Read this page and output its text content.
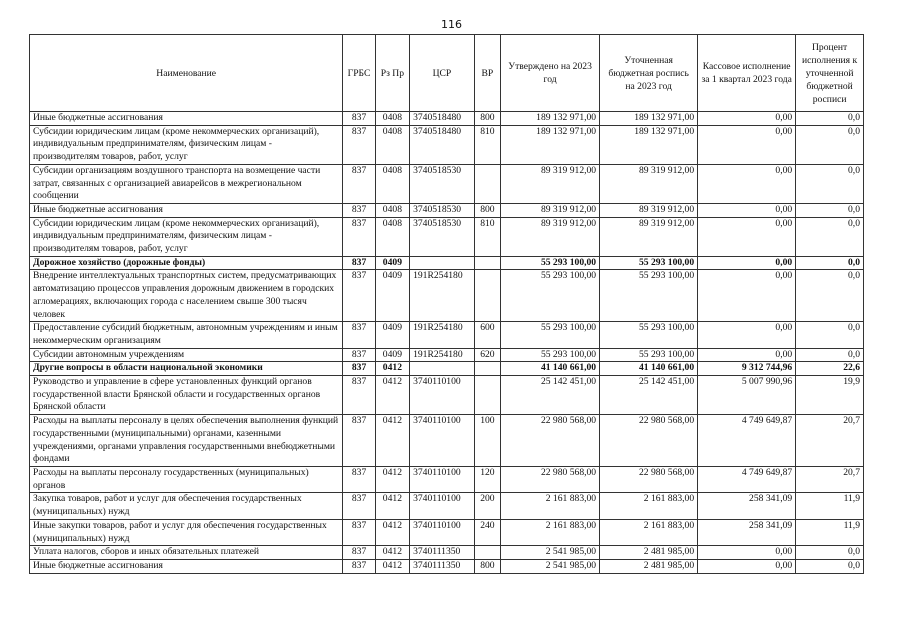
116
Наименование	ГРБС	Рз Пр	ЦСР	ВР	Утверждено на 2023 год	Уточненная бюджетная роспись на 2023 год	Кассовое исполнение за 1 квартал 2023 года	Процент исполнения к уточненной бюджетной росписи
Иные бюджетные ассигнования	837	0408	3740518480	800	189 132 971,00	189 132 971,00	0,00	0,0
Субсидии юридическим лицам (кроме некоммерческих организаций), индивидуальным предпринимателям, физическим лицам - производителям товаров, работ, услуг	837	0408	3740518480	810	189 132 971,00	189 132 971,00	0,00	0,0
Субсидии организациям воздушного транспорта на возмещение части затрат, связанных с организацией авиарейсов в межрегиональном сообщении	837	0408	3740518530		89 319 912,00	89 319 912,00	0,00	0,0
Иные бюджетные ассигнования	837	0408	3740518530	800	89 319 912,00	89 319 912,00	0,00	0,0
Субсидии юридическим лицам (кроме некоммерческих организаций), индивидуальным предпринимателям, физическим лицам - производителям товаров, работ, услуг	837	0408	3740518530	810	89 319 912,00	89 319 912,00	0,00	0,0
Дорожное хозяйство (дорожные фонды)	837	0409			55 293 100,00	55 293 100,00	0,00	0,0
Внедрение интеллектуальных транспортных систем, предусматривающих автоматизацию процессов управления дорожным движением в городских агломерациях, включающих города с населением свыше 300 тысяч человек	837	0409	191R254180		55 293 100,00	55 293 100,00	0,00	0,0
Предоставление субсидий бюджетным, автономным учреждениям и иным некоммерческим организациям	837	0409	191R254180	600	55 293 100,00	55 293 100,00	0,00	0,0
Субсидии автономным учреждениям	837	0409	191R254180	620	55 293 100,00	55 293 100,00	0,00	0,0
Другие вопросы в области национальной экономики	837	0412			41 140 661,00	41 140 661,00	9 312 744,96	22,6
Руководство и управление в сфере установленных функций органов государственной власти Брянской области и государственных органов Брянской области	837	0412	3740110100		25 142 451,00	25 142 451,00	5 007 990,96	19,9
Расходы на выплаты персоналу в целях обеспечения выполнения функций государственными (муниципальными) органами, казенными учреждениями, органами управления государственными внебюджетными фондами	837	0412	3740110100	100	22 980 568,00	22 980 568,00	4 749 649,87	20,7
Расходы на выплаты персоналу государственных (муниципальных) органов	837	0412	3740110100	120	22 980 568,00	22 980 568,00	4 749 649,87	20,7
Закупка товаров, работ и услуг для обеспечения государственных (муниципальных) нужд	837	0412	3740110100	200	2 161 883,00	2 161 883,00	258 341,09	11,9
Иные закупки товаров, работ и услуг для обеспечения государственных (муниципальных) нужд	837	0412	3740110100	240	2 161 883,00	2 161 883,00	258 341,09	11,9
Уплата налогов, сборов и иных обязательных платежей	837	0412	3740111350		2 541 985,00	2 481 985,00	0,00	0,0
Иные бюджетные ассигнования	837	0412	3740111350	800	2 541 985,00	2 481 985,00	0,00	0,0
